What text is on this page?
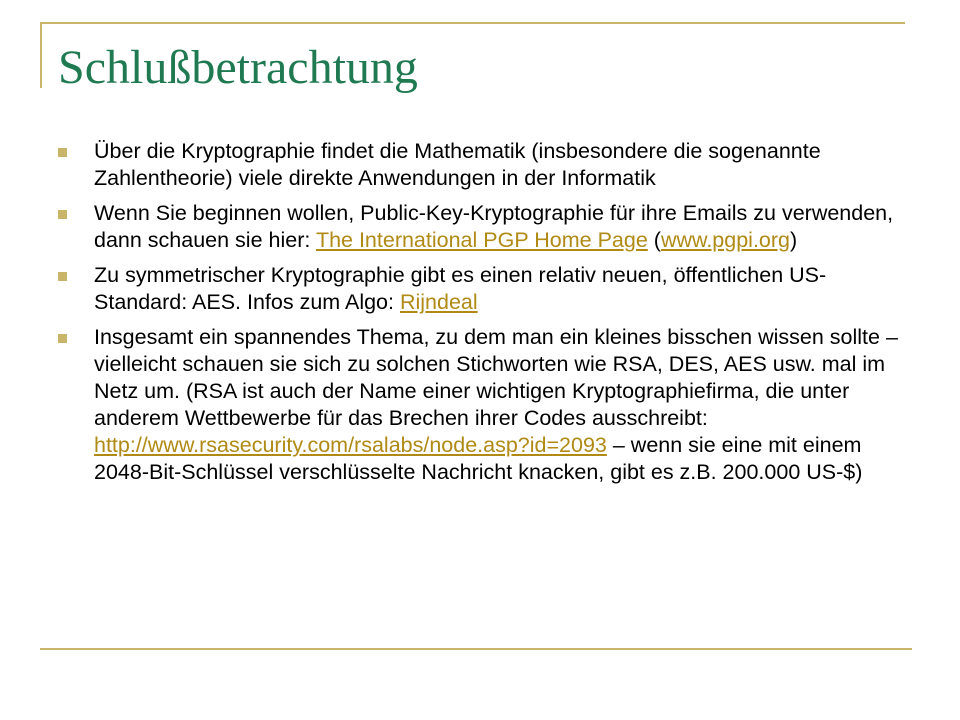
Schlußbetrachtung
Über die Kryptographie findet die Mathematik (insbesondere die sogenannte Zahlentheorie) viele direkte Anwendungen in der Informatik
Wenn Sie beginnen wollen, Public-Key-Kryptographie für ihre Emails zu verwenden, dann schauen sie hier: The International PGP Home Page (www.pgpi.org)
Zu symmetrischer Kryptographie gibt es einen relativ neuen, öffentlichen US-Standard: AES. Infos zum Algo: Rijndeal
Insgesamt ein spannendes Thema, zu dem man ein kleines bisschen wissen sollte – vielleicht schauen sie sich zu solchen Stichworten wie RSA, DES, AES usw. mal im Netz um. (RSA ist auch der Name einer wichtigen Kryptographiefirma, die unter anderem Wettbewerbe für das Brechen ihrer Codes ausschreibt: http://www.rsasecurity.com/rsalabs/node.asp?id=2093 – wenn sie eine mit einem 2048-Bit-Schlüssel verschlüsselte Nachricht knacken, gibt es z.B. 200.000 US-$)
